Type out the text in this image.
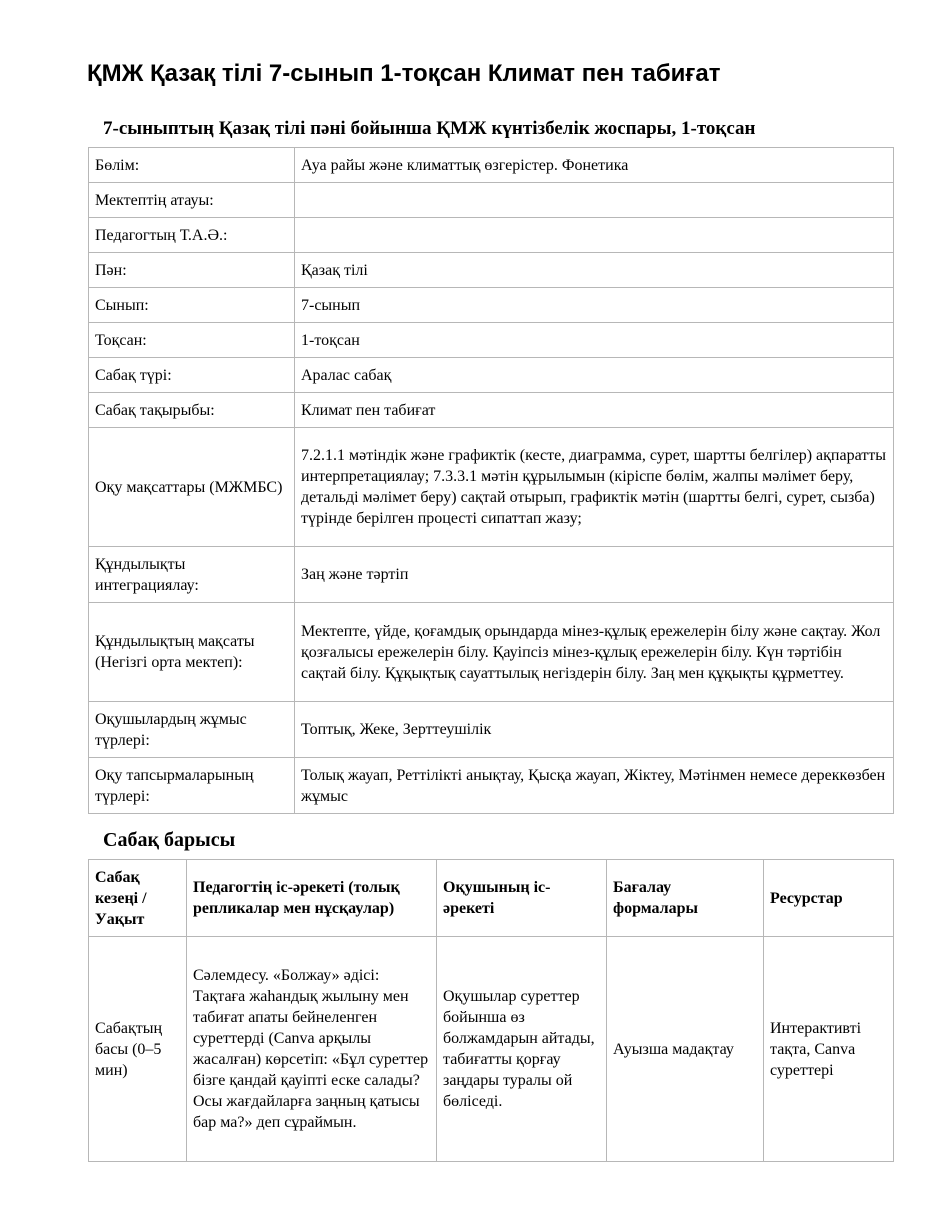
ҚМЖ Қазақ тілі 7-сынып 1-тоқсан Климат пен табиғат
7-сыныптың Қазақ тілі пәні бойынша ҚМЖ күнтізбелік жоспары, 1-тоқсан
Бөлім:	Ауа райы және климаттық өзгерістер. Фонетика
Мектептің атауы:	
Педагогтың Т.А.Ә.:	
Пән:	Қазақ тілі
Сынып:	7-сынып
Тоқсан:	1-тоқсан
Сабақ түрі:	Аралас сабақ
Сабақ тақырыбы:	Климат пен табиғат
Оқу мақсаттары (МЖМБС)	7.2.1.1 мәтіндік және графиктік (кесте, диаграмма, сурет, шартты белгілер) ақпаратты интерпретациялау; 7.3.3.1 мәтін құрылымын (кіріспе бөлім, жалпы мәлімет беру, детальді мәлімет беру) сақтай отырып, графиктік мәтін (шартты белгі, сурет, сызба) түрінде берілген процесті сипаттап жазу;
Құндылықты интеграциялау:	Заң және тәртіп
Құндылықтың мақсаты (Негізгі орта мектеп):	Мектепте, үйде, қоғамдық орындарда мінез-құлық ережелерін білу және сақтау. Жол қозғалысы ережелерін білу. Қауіпсіз мінез-құлық ережелерін білу. Күн тәртібін сақтай білу. Құқықтық сауаттылық негіздерін білу. Заң мен құқықты құрметтеу.
Оқушылардың жұмыс түрлері:	Топтық, Жеке, Зерттеушілік
Оқу тапсырмаларының түрлері:	Толық жауап, Реттілікті анықтау, Қысқа жауап, Жіктеу, Мәтінмен немесе дереккөзбен жұмыс
Сабақ барысы
Сабақ кезеңі / Уақыт	Педагогтің іс-әрекеті (толық репликалар мен нұсқаулар)	Оқушының іс-әрекеті	Бағалау формалары	Ресурстар
Сабақтың басы (0–5 мин)	Сәлемдесу. «Болжау» әдісі: Тақтаға жаһандық жылыну мен табиғат апаты бейнеленген суреттерді (Canva арқылы жасалған) көрсетіп: «Бұл суреттер бізге қандай қауіпті еске салады? Осы жағдайларға заңның қатысы бар ма?» деп сұраймын.	Оқушылар суреттер бойынша өз болжамдарын айтады, табиғатты қорғау заңдары туралы ой бөліседі.	Ауызша мадақтау	Интерактивті тақта, Canva суреттері
